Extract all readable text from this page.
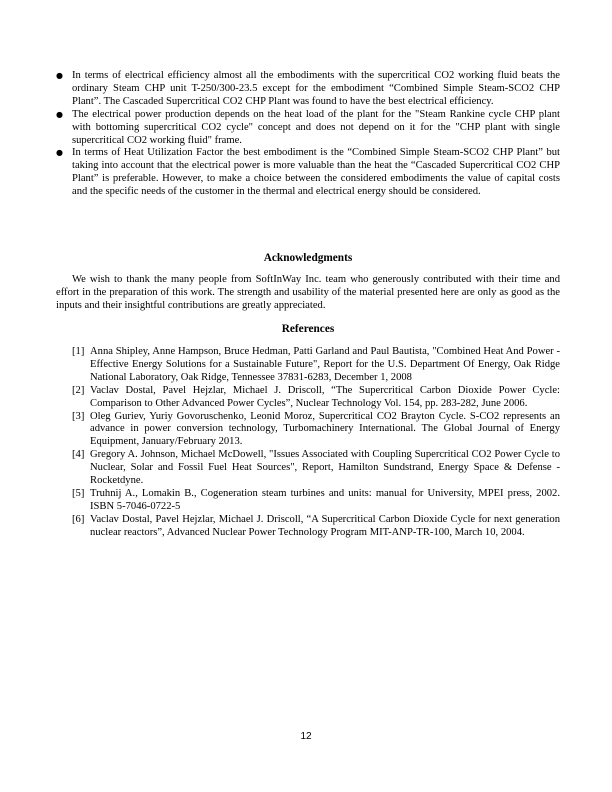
● In terms of electrical efficiency almost all the embodiments with the supercritical CO2 working fluid beats the ordinary Steam CHP unit T-250/300-23.5 except for the embodiment “Combined Simple Steam-SCO2 CHP Plant”. The Cascaded Supercritical CO2 CHP Plant was found to have the best electrical efficiency.
● The electrical power production depends on the heat load of the plant for the "Steam Rankine cycle CHP plant with bottoming supercritical CO2 cycle" concept and does not depend on it for the "CHP plant with single supercritical CO2 working fluid" frame.
● In terms of Heat Utilization Factor the best embodiment is the “Combined Simple Steam-SCO2 CHP Plant” but taking into account that the electrical power is more valuable than the heat the “Cascaded Supercritical CO2 CHP Plant” is preferable. However, to make a choice between the considered embodiments the value of capital costs and the specific needs of the customer in the thermal and electrical energy should be considered.
Acknowledgments

We wish to thank the many people from SoftInWay Inc. team who generously contributed with their time and effort in the preparation of this work. The strength and usability of the material presented here are only as good as the inputs and their insightful contributions are greatly appreciated.

References
[1] Anna Shipley, Anne Hampson, Bruce Hedman, Patti Garland and Paul Bautista, "Combined Heat And Power - Effective Energy Solutions for a Sustainable Future", Report for the U.S. Department Of Energy, Oak Ridge National Laboratory, Oak Ridge, Tennessee 37831-6283, December 1, 2008
[2] Vaclav Dostal, Pavel Hejzlar, Michael J. Driscoll, “The Supercritical Carbon Dioxide Power Cycle: Comparison to Other Advanced Power Cycles”, Nuclear Technology Vol. 154, pp. 283-282, June 2006.
[3] Oleg Guriev, Yuriy Govoruschenko, Leonid Moroz, Supercritical CO2 Brayton Cycle. S-CO2 represents an advance in power conversion technology, Turbomachinery International. The Global Journal of Energy Equipment, January/February 2013.
[4] Gregory A. Johnson, Michael McDowell, "Issues Associated with Coupling Supercritical CO2 Power Cycle to Nuclear, Solar and Fossil Fuel Heat Sources", Report, Hamilton Sundstrand, Energy Space & Defense - Rocketdyne.
[5] Truhnij A., Lomakin B., Cogeneration steam turbines and units: manual for University, MPEI press, 2002. ISBN 5-7046-0722-5
[6] Vaclav Dostal, Pavel Hejzlar, Michael J. Driscoll, “A Supercritical Carbon Dioxide Cycle for next generation nuclear reactors”, Advanced Nuclear Power Technology Program MIT-ANP-TR-100, March 10, 2004.
12
